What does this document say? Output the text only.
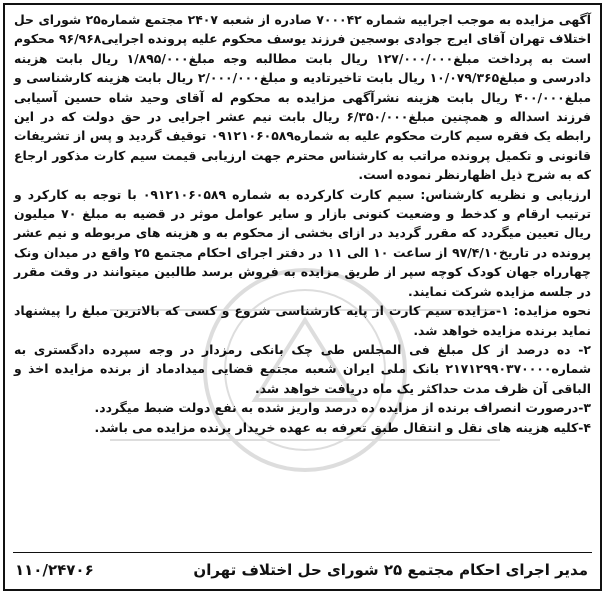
آگهی مزایده به موجب اجراییه شماره ۷۰۰۰۴۲ صادره از شعبه ۲۴۰۷ مجتمع شماره۲۵ شورای حل اختلاف تهران آقای ایرج جوادی بوسجین فرزند یوسف محکوم علیه پرونده اجرایی۹۶/۹۶۸ محکوم است به پرداخت مبلغ۱۲۷/۰۰۰/۰۰۰ ریال بابت مطالبه وجه مبلغ۱/۸۹۵/۰۰۰ ریال بابت هزینه دادرسی و مبلغ۱۰/۰۷۹/۳۶۵ ریال بابت تاخیرتادیه و مبلغ۲/۰۰۰/۰۰۰ ریال بابت هزینه کارشناسی و مبلغ۴۰۰/۰۰۰ ریال بابت هزینه نشرآگهی مزایده به محکوم له آقای وحید شاه حسین آسیابی فرزند اسداله و همچنین مبلغ۶/۳۵۰/۰۰۰ ریال بابت نیم عشر اجرایی در حق دولت که در این رابطه یک فقره سیم کارت محکوم علیه به شماره۰۹۱۲۱۰۶۰۵۸۹ توقیف گردید و پس از تشریفات قانونی و تکمیل پرونده مراتب به کارشناس محترم جهت ارزیابی قیمت سیم کارت مذکور ارجاع که به شرح ذیل اظهارنظر نموده است.

ارزیابی و نظریه کارشناس: سیم کارت کارکرده به شماره ۰۹۱۲۱۰۶۰۵۸۹ با توجه به کارکرد و ترتیب ارقام و کدخط و وضعیت کنونی بازار و سایر عوامل موثر در قضیه به مبلغ ۷۰ میلیون ریال تعیین میگردد که مقرر گردید در ازای بخشی از محکوم به و هزینه های مربوطه و نیم عشر پرونده در تاریخ۹۷/۴/۱۰ از ساعت ۱۰ الی ۱۱ در دفتر اجرای احکام مجتمع ۲۵ واقع در میدان ونک چهارراه جهان کودک کوچه سپر از طریق مزایده به فروش برسد طالبین میتوانند در وقت مقرر در جلسه مزایده شرکت نمایند.

نحوه مزایده: ۱-مزایده سیم کارت از پایه کارشناسی شروع و کسی که بالاترین مبلغ را پیشنهاد نماید برنده مزایده خواهد شد.

۲- ده درصد از کل مبلغ فی المجلس طی چک بانکی رمزدار در وجه سپرده دادگستری به شماره۲۱۷۱۲۹۹۰۳۷۰۰۰۰ بانک ملی ایران شعبه مجتمع قضایی میدادماد از برنده مزایده اخذ و الباقی آن ظرف مدت حداکثر یک ماه دریافت خواهد شد.

۳-درصورت انصراف برنده از مزایده ده درصد واریز شده به نفع دولت ضبط میگردد.

۴-کلیه هزینه های نقل و انتقال طبق تعرفه به عهده خریدار برنده مزایده می باشد.

مدیر اجرای احکام مجتمع ۲۵ شورای حل اختلاف تهران
۱۱۰/۲۴۷۰۶
